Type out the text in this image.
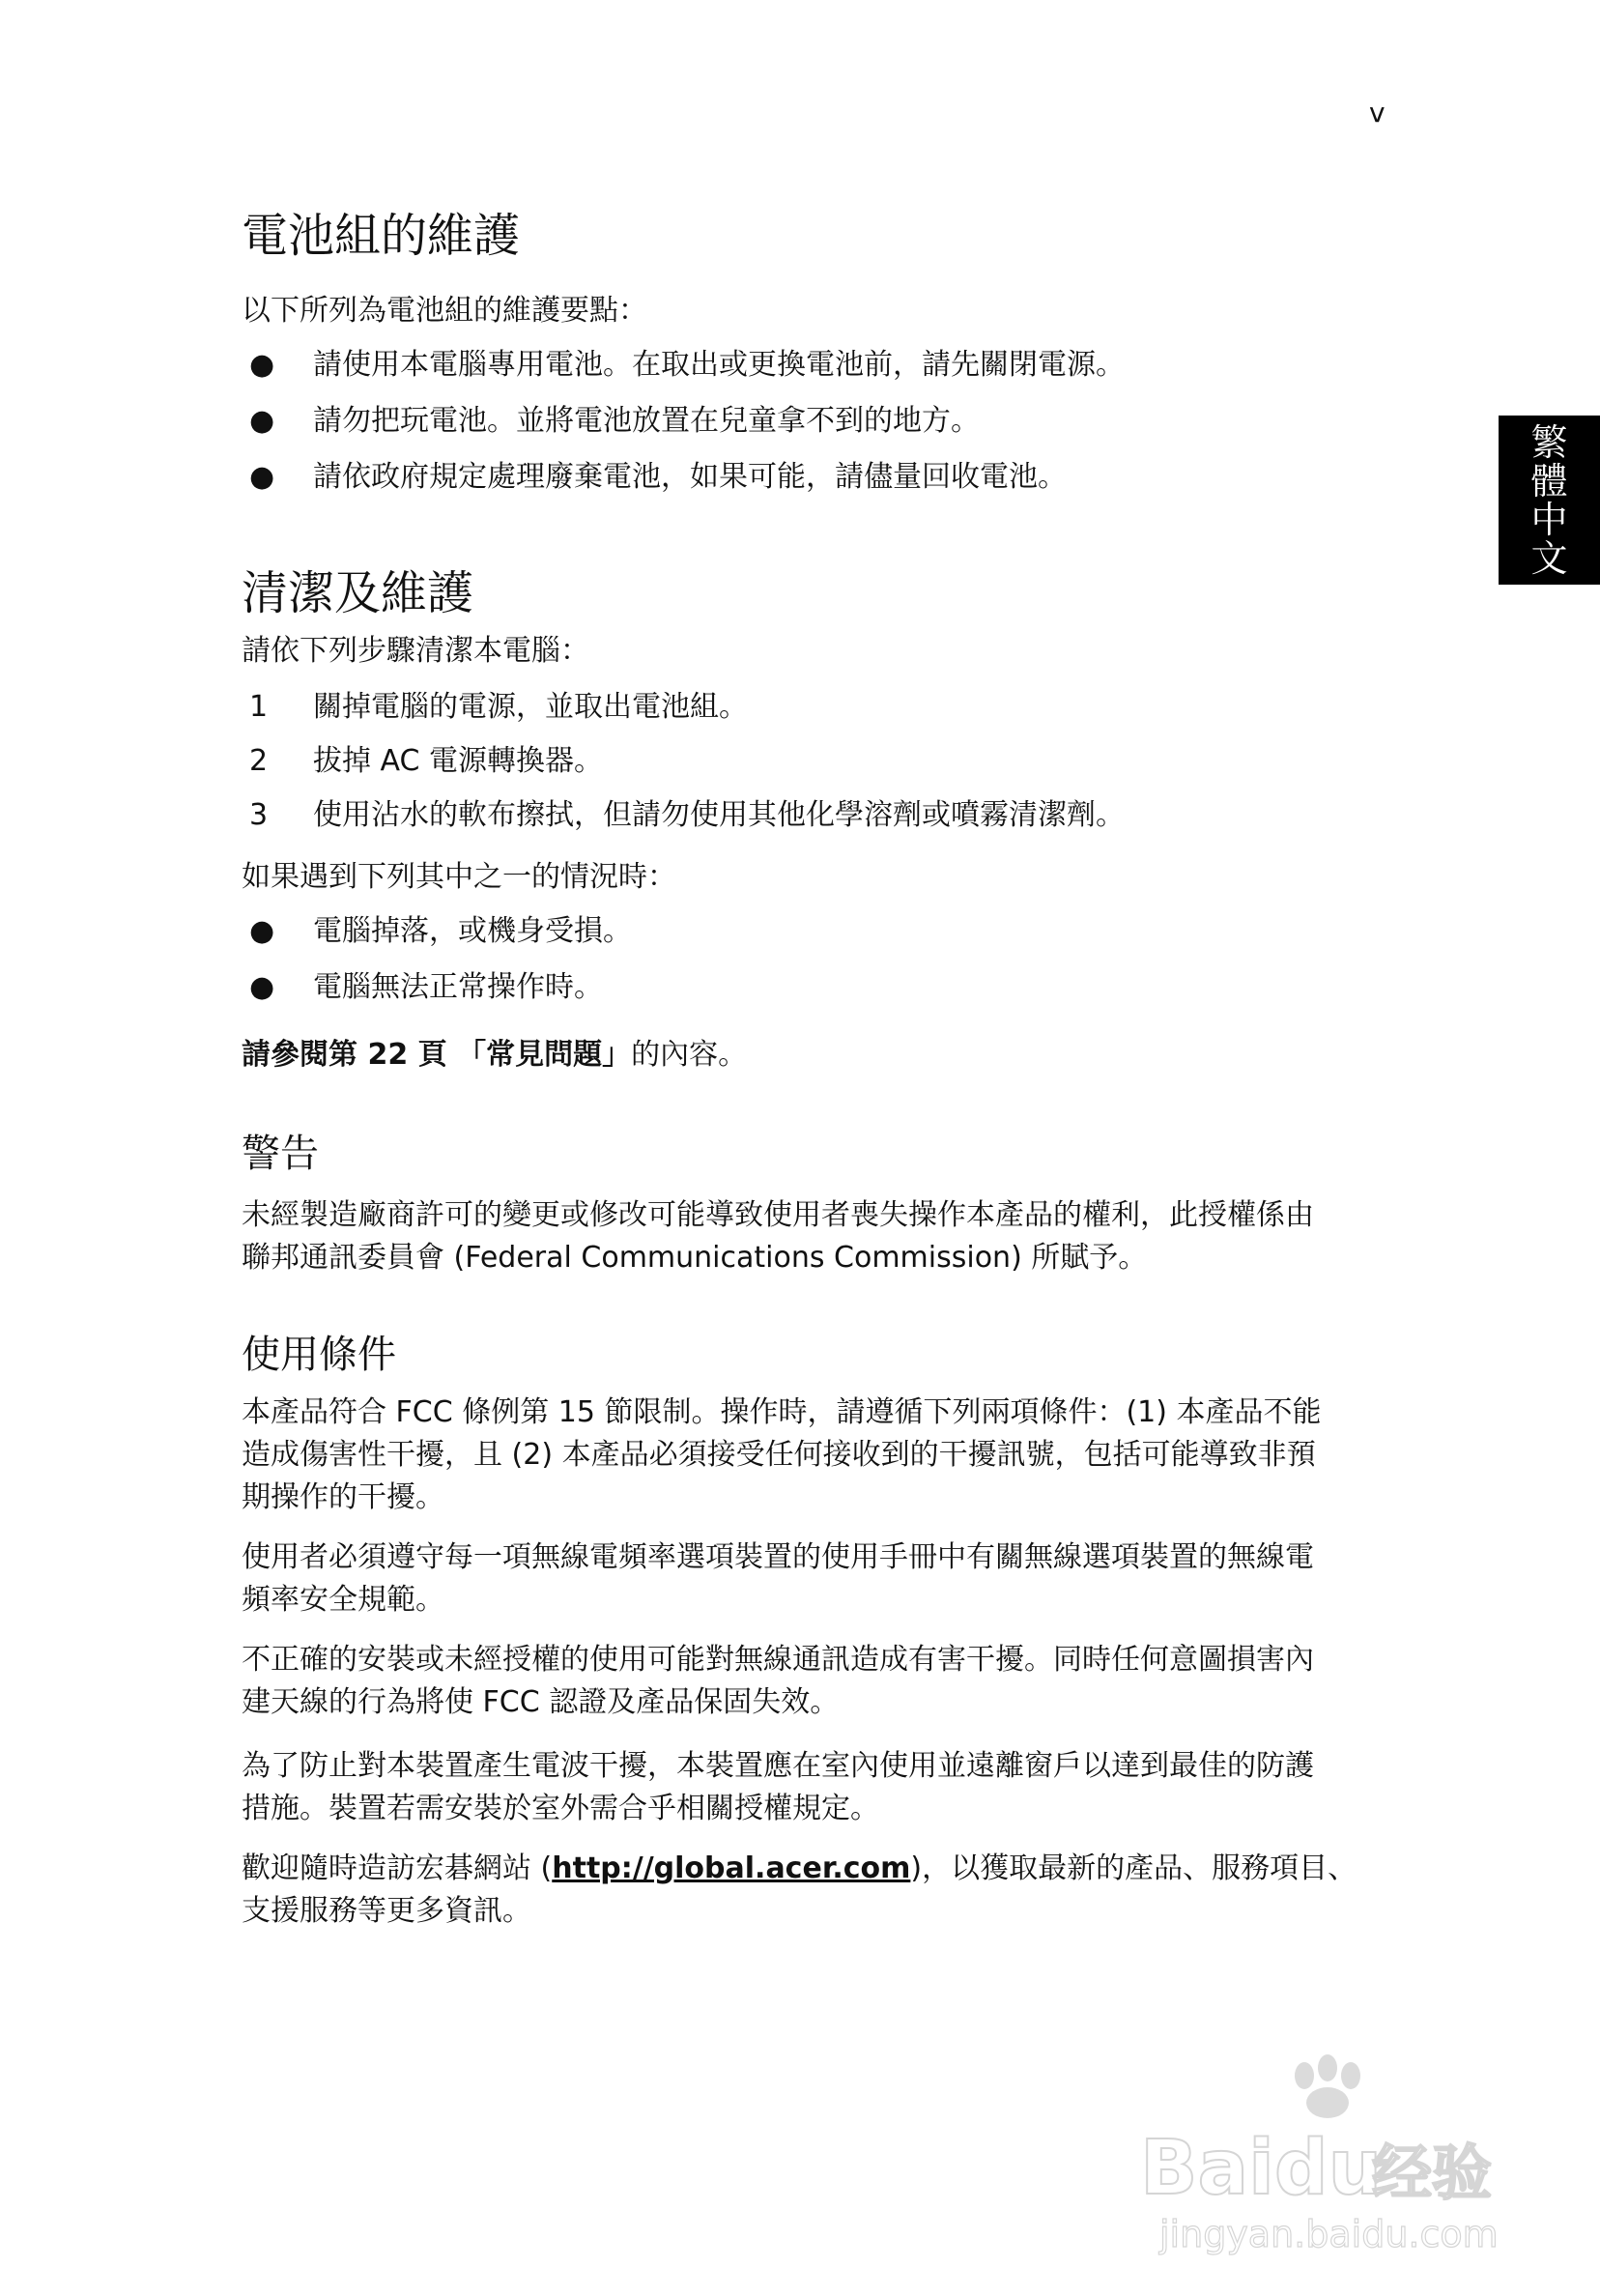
v
繁
體
中
文
電池組的維護

以下所列為電池組的維護要點：

● 請使用本電腦專用電池。在取出或更換電池前，請先關閉電源。
● 請勿把玩電池。並將電池放置在兒童拿不到的地方。
● 請依政府規定處理廢棄電池，如果可能，請儘量回收電池。
清潔及維護

請依下列步驟清潔本電腦：

1 關掉電腦的電源，並取出電池組。
2 拔掉 AC 電源轉換器。
3 使用沾水的軟布擦拭，但請勿使用其他化學溶劑或噴霧清潔劑。

如果遇到下列其中之一的情況時：

● 電腦掉落，或機身受損。
● 電腦無法正常操作時。

請參閱第 22 頁 「常見問題」的內容。

警告

未經製造廠商許可的變更或修改可能導致使用者喪失操作本產品的權利，此授權係由
聯邦通訊委員會 (Federal Communications Commission) 所賦予。

使用條件

本產品符合 FCC 條例第 15 節限制。操作時，請遵循下列兩項條件：(1) 本產品不能
造成傷害性干擾，且 (2) 本產品必須接受任何接收到的干擾訊號，包括可能導致非預
期操作的干擾。

使用者必須遵守每一項無線電頻率選項裝置的使用手冊中有關無線選項裝置的無線電
頻率安全規範。

不正確的安裝或未經授權的使用可能對無線通訊造成有害干擾。同時任何意圖損害內
建天線的行為將使 FCC 認證及產品保固失效。

為了防止對本裝置產生電波干擾，本裝置應在室內使用並遠離窗戶以達到最佳的防護
措施。裝置若需安裝於室外需合乎相關授權規定。

歡迎隨時造訪宏碁網站 (http://global.acer.com)，以獲取最新的產品、服務項目、
支援服務等更多資訊。

Baidu
经验
jingyan.baidu.com
